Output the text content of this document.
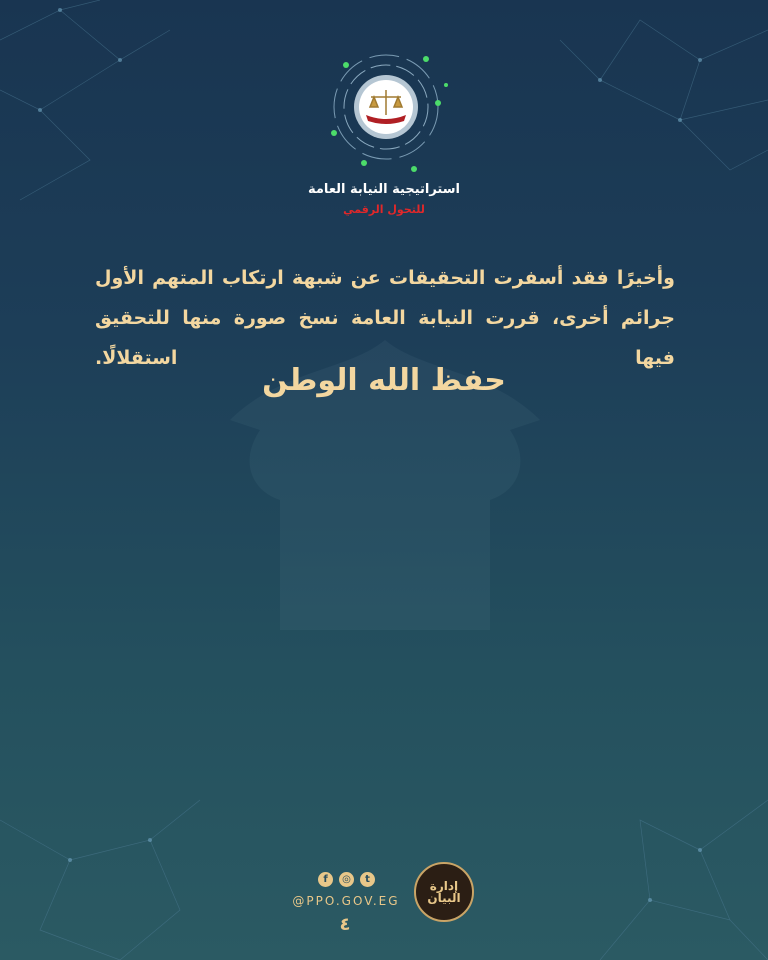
استراتيجية النيابة العامة
للتحول الرقمي
وأخيرًا فقد أسفرت التحقيقات عن شبهة ارتكاب المتهم الأول جرائم أخرى، قررت النيابة العامة نسخ صورة منها للتحقيق فيها استقلالًا.
حفظ الله الوطن
f	◎	t
@PPO.GOV.EG
٤
إدارة البيان
